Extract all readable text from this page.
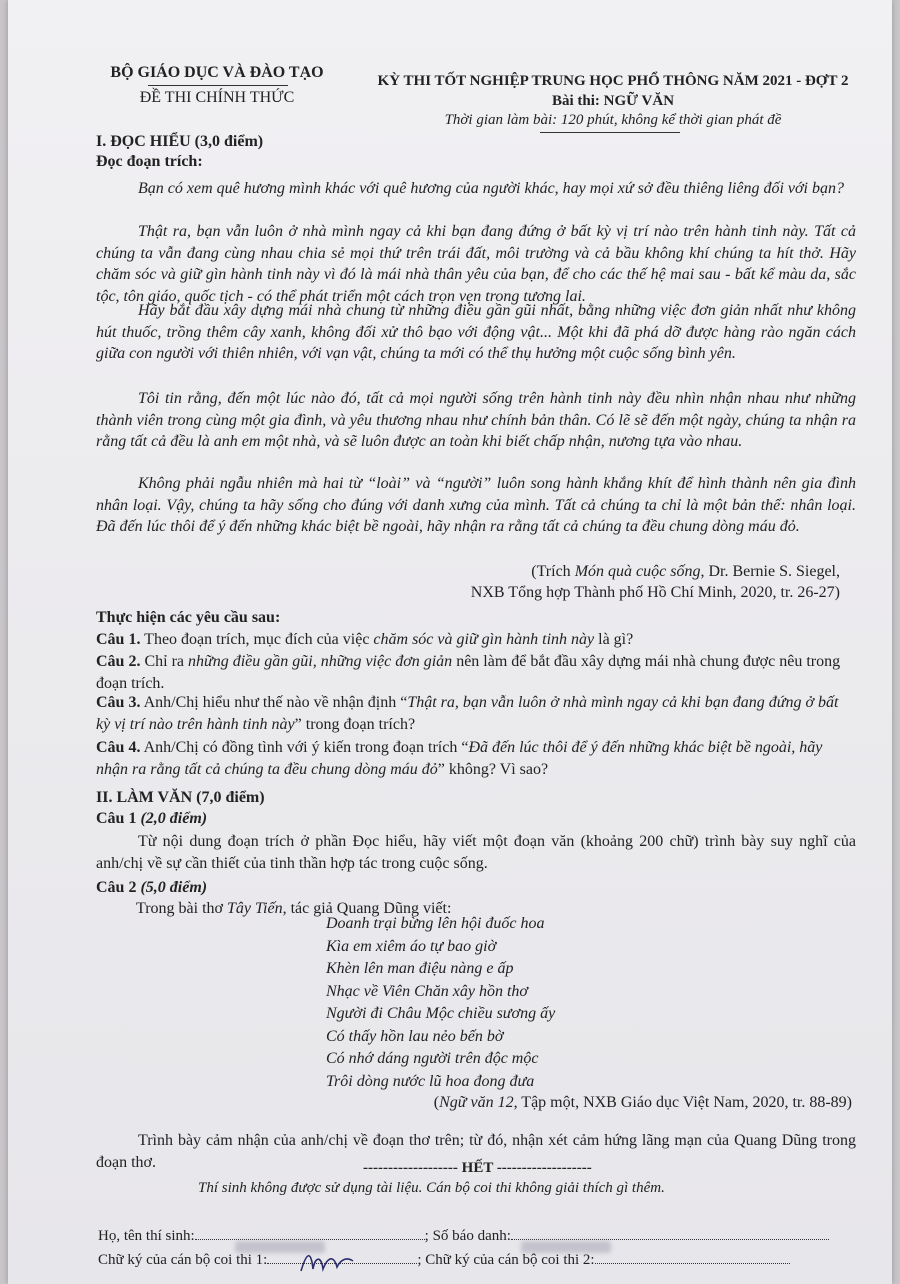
BỘ GIÁO DỤC VÀ ĐÀO TẠO
ĐỀ THI CHÍNH THỨC
KỲ THI TỐT NGHIỆP TRUNG HỌC PHỔ THÔNG NĂM 2021 - ĐỢT 2
Bài thi: NGỮ VĂN
Thời gian làm bài: 120 phút, không kể thời gian phát đề
I. ĐỌC HIỂU (3,0 điểm)
Đọc đoạn trích:
Bạn có xem quê hương mình khác với quê hương của người khác, hay mọi xứ sở đều thiêng liêng đối với bạn?
Thật ra, bạn vẫn luôn ở nhà mình ngay cả khi bạn đang đứng ở bất kỳ vị trí nào trên hành tinh này. Tất cả chúng ta vẫn đang cùng nhau chia sẻ mọi thứ trên trái đất, môi trường và cả bầu không khí chúng ta hít thở. Hãy chăm sóc và giữ gìn hành tinh này vì đó là mái nhà thân yêu của bạn, để cho các thế hệ mai sau - bất kể màu da, sắc tộc, tôn giáo, quốc tịch - có thể phát triển một cách trọn vẹn trong tương lai.
Hãy bắt đầu xây dựng mái nhà chung từ những điều gần gũi nhất, bằng những việc đơn giản nhất như không hút thuốc, trồng thêm cây xanh, không đối xử thô bạo với động vật... Một khi đã phá dỡ được hàng rào ngăn cách giữa con người với thiên nhiên, với vạn vật, chúng ta mới có thể thụ hưởng một cuộc sống bình yên.
Tôi tin rằng, đến một lúc nào đó, tất cả mọi người sống trên hành tinh này đều nhìn nhận nhau như những thành viên trong cùng một gia đình, và yêu thương nhau như chính bản thân. Có lẽ sẽ đến một ngày, chúng ta nhận ra rằng tất cả đều là anh em một nhà, và sẽ luôn được an toàn khi biết chấp nhận, nương tựa vào nhau.
Không phải ngẫu nhiên mà hai từ “loài” và “người” luôn song hành khắng khít để hình thành nên gia đình nhân loại. Vậy, chúng ta hãy sống cho đúng với danh xưng của mình. Tất cả chúng ta chỉ là một bản thể: nhân loại. Đã đến lúc thôi để ý đến những khác biệt bề ngoài, hãy nhận ra rằng tất cả chúng ta đều chung dòng máu đỏ.
(Trích Món quà cuộc sống, Dr. Bernie S. Siegel,
NXB Tổng hợp Thành phố Hồ Chí Minh, 2020, tr. 26-27)
Thực hiện các yêu cầu sau:
Câu 1. Theo đoạn trích, mục đích của việc chăm sóc và giữ gìn hành tinh này là gì?
Câu 2. Chỉ ra những điều gần gũi, những việc đơn giản nên làm để bắt đầu xây dựng mái nhà chung được nêu trong đoạn trích.
Câu 3. Anh/Chị hiểu như thế nào về nhận định “Thật ra, bạn vẫn luôn ở nhà mình ngay cả khi bạn đang đứng ở bất kỳ vị trí nào trên hành tinh này” trong đoạn trích?
Câu 4. Anh/Chị có đồng tình với ý kiến trong đoạn trích “Đã đến lúc thôi để ý đến những khác biệt bề ngoài, hãy nhận ra rằng tất cả chúng ta đều chung dòng máu đỏ” không? Vì sao?
II. LÀM VĂN (7,0 điểm)
Câu 1 (2,0 điểm)
Từ nội dung đoạn trích ở phần Đọc hiểu, hãy viết một đoạn văn (khoảng 200 chữ) trình bày suy nghĩ của anh/chị về sự cần thiết của tinh thần hợp tác trong cuộc sống.
Câu 2 (5,0 điểm)
Trong bài thơ Tây Tiến, tác giả Quang Dũng viết:
Doanh trại bừng lên hội đuốc hoa
Kìa em xiêm áo tự bao giờ
Khèn lên man điệu nàng e ấp
Nhạc về Viên Chăn xây hồn thơ
Người đi Châu Mộc chiều sương ấy
Có thấy hồn lau nẻo bến bờ
Có nhớ dáng người trên độc mộc
Trôi dòng nước lũ hoa đong đưa
(Ngữ văn 12, Tập một, NXB Giáo dục Việt Nam, 2020, tr. 88-89)
Trình bày cảm nhận của anh/chị về đoạn thơ trên; từ đó, nhận xét cảm hứng lãng mạn của Quang Dũng trong đoạn thơ.	------------------- HẾT -------------------
Thí sinh không được sử dụng tài liệu. Cán bộ coi thi không giải thích gì thêm.
Họ, tên thí sinh:	; Số báo danh:
Chữ ký của cán bộ coi thi 1:	; Chữ ký của cán bộ coi thi 2:
